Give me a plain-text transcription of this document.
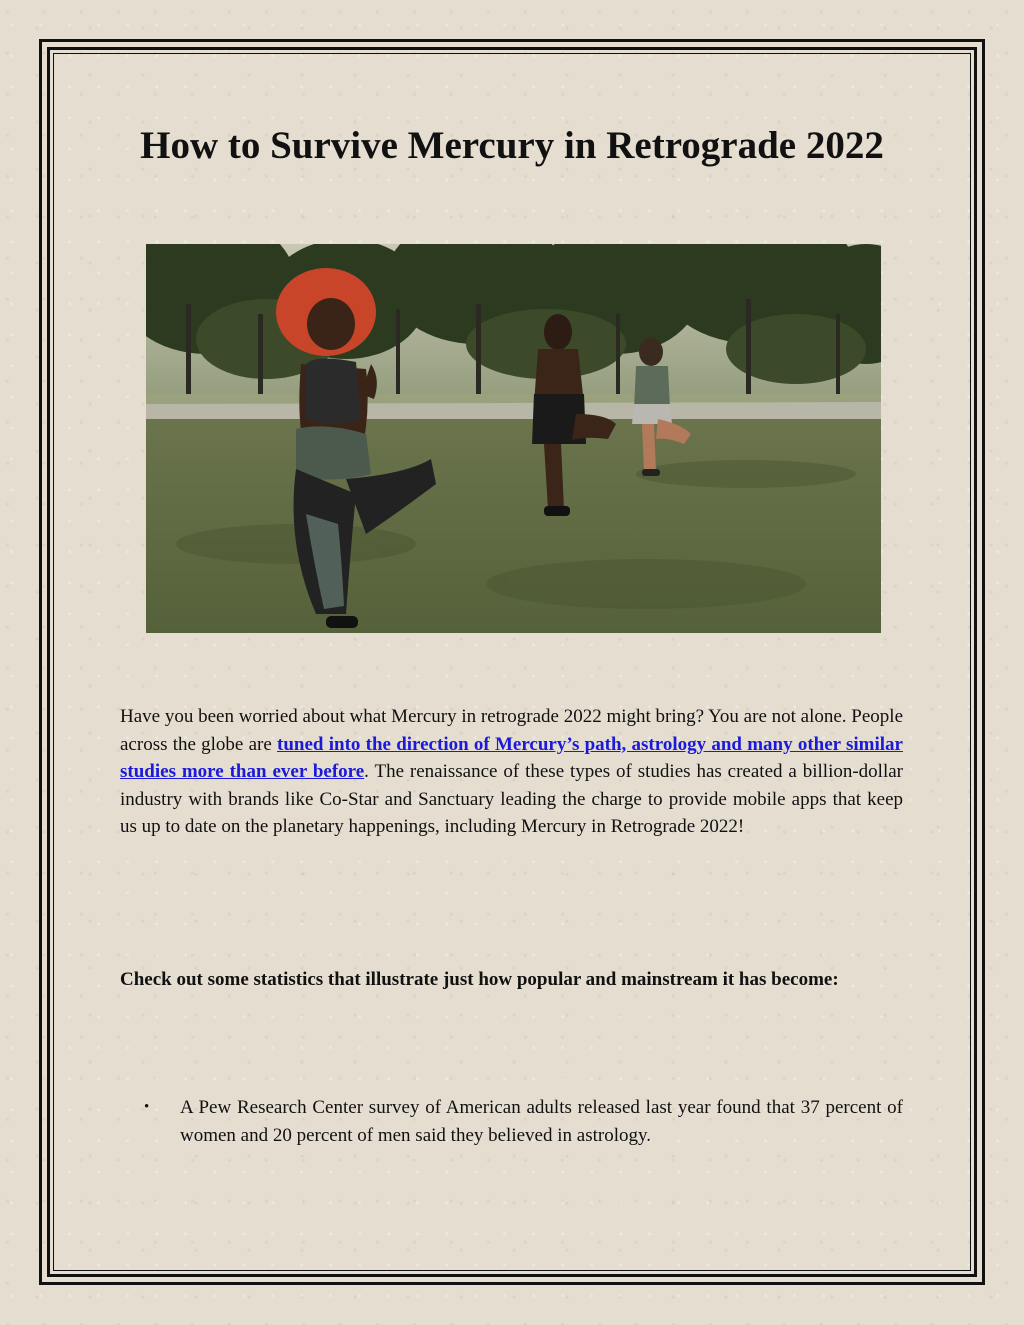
How to Survive Mercury in Retrograde 2022

Have you been worried about what Mercury in retrograde 2022 might bring? You are not alone. People across the globe are tuned into the direction of Mercury’s path, astrology and many other similar studies more than ever before. The renaissance of these types of studies has created a billion-dollar industry with brands like Co-Star and Sanctuary leading the charge to provide mobile apps that keep us up to date on the planetary happenings, including Mercury in Retrograde 2022!

Check out some statistics that illustrate just how popular and mainstream it has become:

• A Pew Research Center survey of American adults released last year found that 37 percent of women and 20 percent of men said they believed in astrology.
